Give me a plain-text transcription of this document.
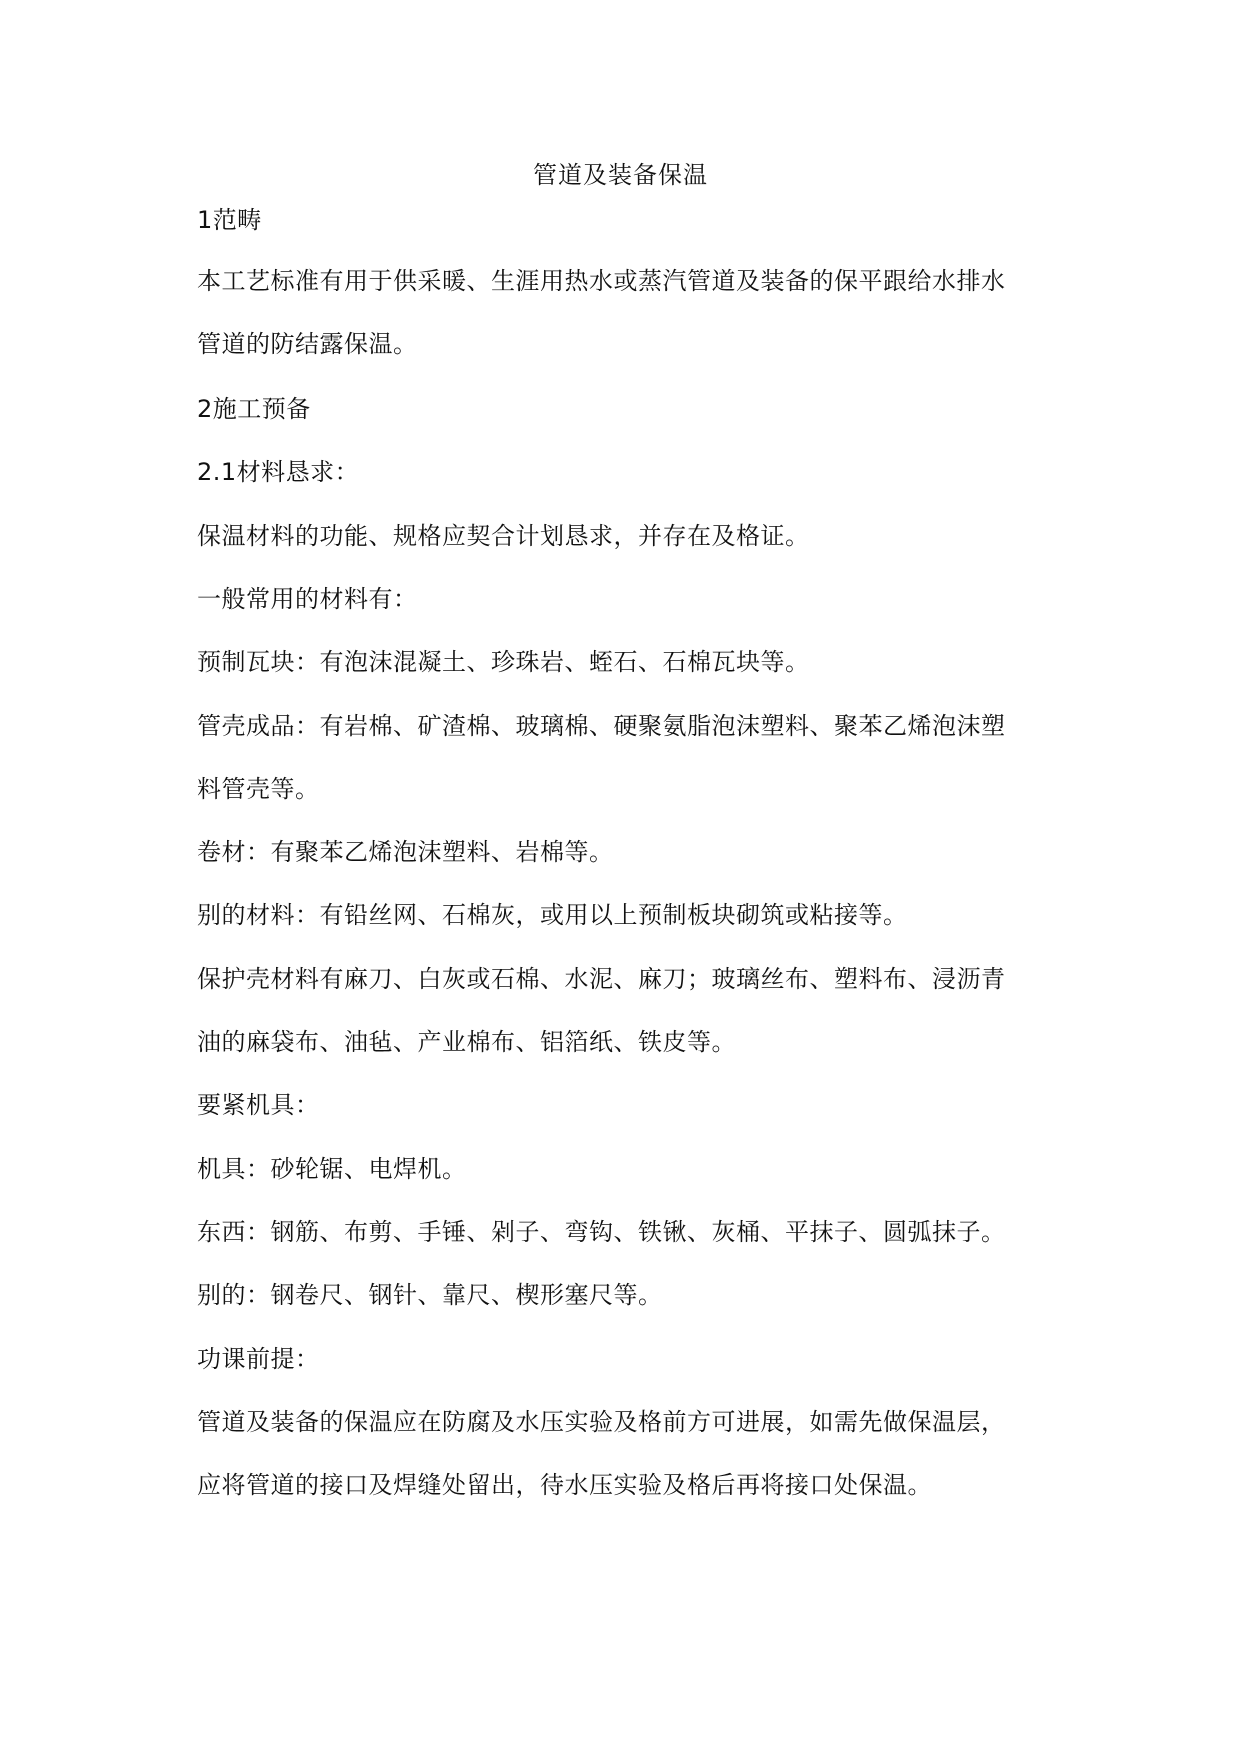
管道及装备保温
1范畴
本工艺标准有用于供采暖、生涯用热水或蒸汽管道及装备的保平跟给水排水
管道的防结露保温。
2施工预备
2.1材料恳求：
保温材料的功能、规格应契合计划恳求，并存在及格证。
一般常用的材料有：
预制瓦块：有泡沫混凝土、珍珠岩、蛭石、石棉瓦块等。
管壳成品：有岩棉、矿渣棉、玻璃棉、硬聚氨脂泡沫塑料、聚苯乙烯泡沫塑
料管壳等。
卷材：有聚苯乙烯泡沫塑料、岩棉等。
别的材料：有铅丝网、石棉灰，或用以上预制板块砌筑或粘接等。
保护壳材料有麻刀、白灰或石棉、水泥、麻刀；玻璃丝布、塑料布、浸沥青
油的麻袋布、油毡、产业棉布、铝箔纸、铁皮等。
要紧机具：
机具：砂轮锯、电焊机。
东西：钢筋、布剪、手锤、剁子、弯钩、铁锹、灰桶、平抹子、圆弧抹子。
别的：钢卷尺、钢针、靠尺、楔形塞尺等。
功课前提：
管道及装备的保温应在防腐及水压实验及格前方可进展，如需先做保温层，
应将管道的接口及焊缝处留出，待水压实验及格后再将接口处保温。
